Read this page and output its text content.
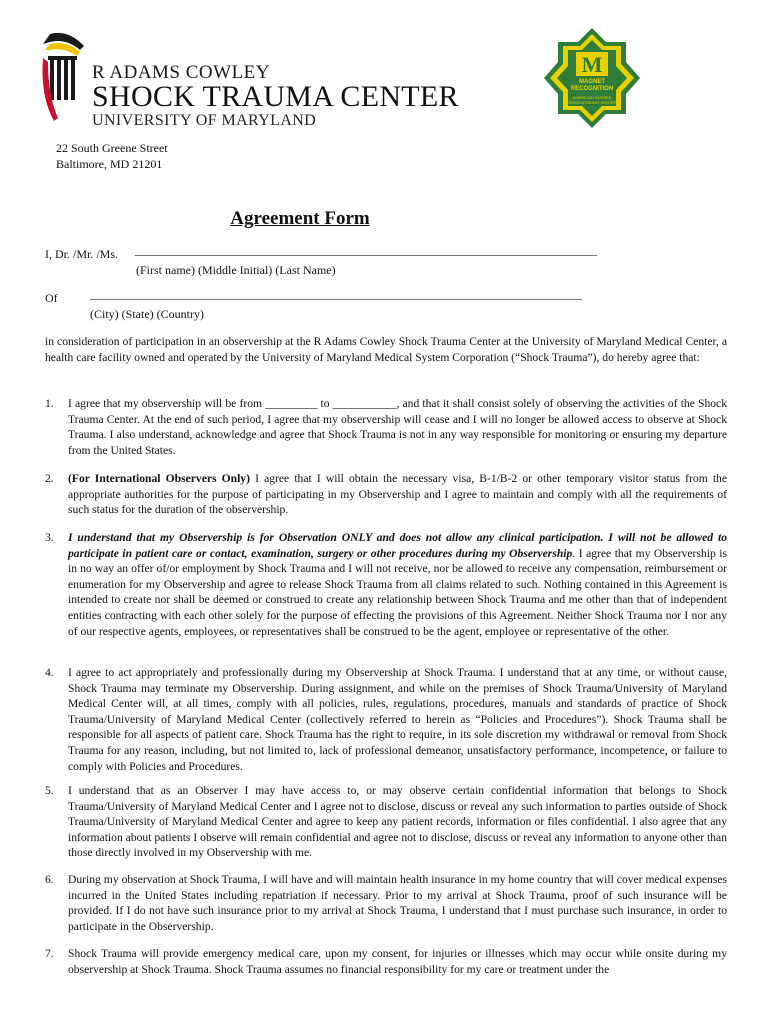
R ADAMS COWLEY
SHOCK TRAUMA CENTER
UNIVERSITY OF MARYLAND
M
MAGNET
RECOGNITION
AMERICAN NURSES
CREDENTIALING CENTER
22 South Greene Street
Baltimore, MD 21201
Agreement Form
I, Dr. /Mr. /Ms. _____________________________________________________________________________
(First name) (Middle Initial) (Last Name)
Of	__________________________________________________________________________________
(City) (State) (Country)
in consideration of participation in an observership at the R Adams Cowley Shock Trauma Center at the University of Maryland Medical Center, a health care facility owned and operated by the University of Maryland Medical System Corporation (“Shock Trauma”), do hereby agree that:
1.	I agree that my observership will be from _________ to ___________, and that it shall consist solely of observing the activities of the Shock Trauma Center. At the end of such period, I agree that my observership will cease and I will no longer be allowed access to observe at Shock Trauma. I also understand, acknowledge and agree that Shock Trauma is not in any way responsible for monitoring or ensuring my departure from the United States.
2.	(For International Observers Only) I agree that I will obtain the necessary visa, B-1/B-2 or other temporary visitor status from the appropriate authorities for the purpose of participating in my Observership and I agree to maintain and comply with all the requirements of such status for the duration of the observership.
3.	I understand that my Observership is for Observation ONLY and does not allow any clinical participation. I will not be allowed to participate in patient care or contact, examination, surgery or other procedures during my Observership. I agree that my Observership is in no way an offer of/or employment by Shock Trauma and I will not receive, nor be allowed to receive any compensation, reimbursement or enumeration for my Observership and agree to release Shock Trauma from all claims related to such. Nothing contained in this Agreement is intended to create nor shall be deemed or construed to create any relationship between Shock Trauma and me other than that of independent entities contracting with each other solely for the purpose of effecting the provisions of this Agreement. Neither Shock Trauma nor I nor any of our respective agents, employees, or representatives shall be construed to be the agent, employee or representative of the other.
4.	I agree to act appropriately and professionally during my Observership at Shock Trauma. I understand that at any time, or without cause, Shock Trauma may terminate my Observership. During assignment, and while on the premises of Shock Trauma/University of Maryland Medical Center will, at all times, comply with all policies, rules, regulations, procedures, manuals and standards of practice of Shock Trauma/University of Maryland Medical Center (collectively referred to herein as “Policies and Procedures”). Shock Trauma shall be responsible for all aspects of patient care. Shock Trauma has the right to require, in its sole discretion my withdrawal or removal from Shock Trauma for any reason, including, but not limited to, lack of professional demeanor, unsatisfactory performance, incompetence, or failure to comply with Policies and Procedures.
5.	I understand that as an Observer I may have access to, or may observe certain confidential information that belongs to Shock Trauma/University of Maryland Medical Center and I agree not to disclose, discuss or reveal any such information to parties outside of Shock Trauma/University of Maryland Medical Center and agree to keep any patient records, information or files confidential. I also agree that any information about patients I observe will remain confidential and agree not to disclose, discuss or reveal any information to anyone other than those directly involved in my Observership with me.
6.	During my observation at Shock Trauma, I will have and will maintain health insurance in my home country that will cover medical expenses incurred in the United States including repatriation if necessary. Prior to my arrival at Shock Trauma, proof of such insurance will be provided. If I do not have such insurance prior to my arrival at Shock Trauma, I understand that I must purchase such insurance, in order to participate in the Observership.
7.	Shock Trauma will provide emergency medical care, upon my consent, for injuries or illnesses which may occur while onsite during my observership at Shock Trauma. Shock Trauma assumes no financial responsibility for my care or treatment under the
